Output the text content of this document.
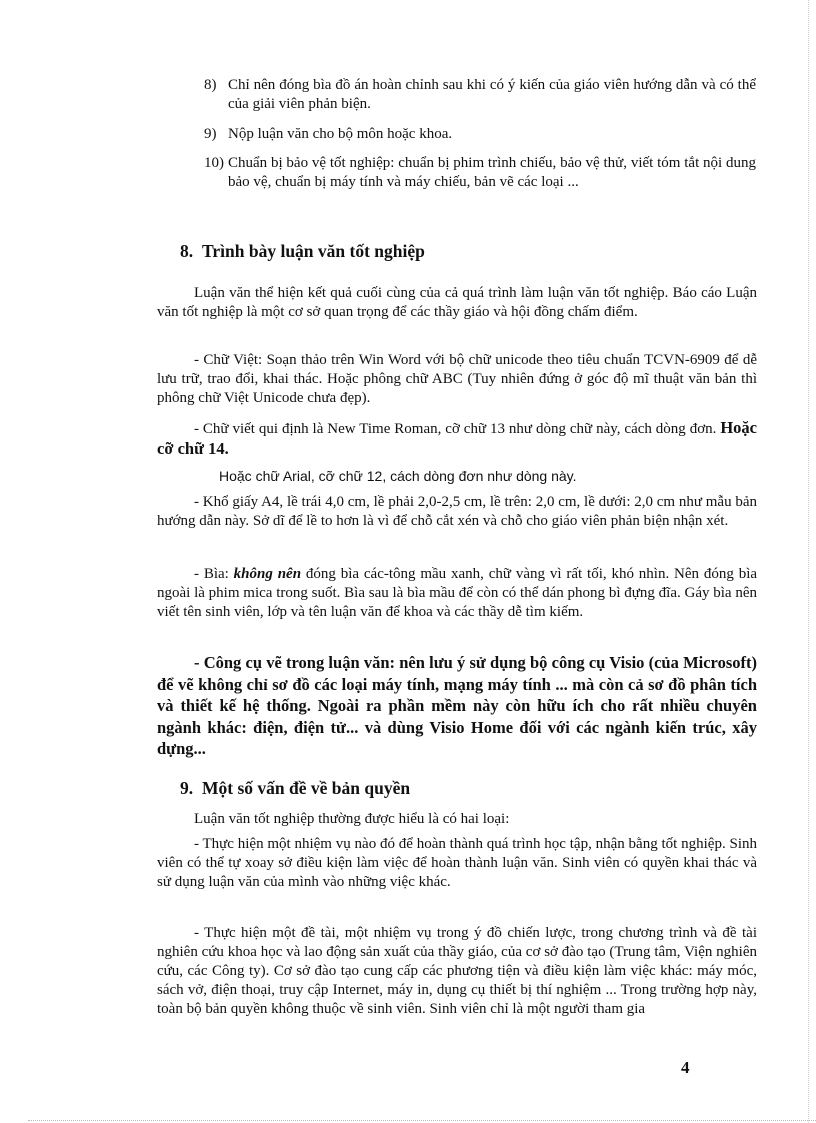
8) Chỉ nên đóng bìa đồ án hoàn chỉnh sau khi có ý kiến của giáo viên hướng dẫn và có thể của giải viên phản biện.
9) Nộp luận văn cho bộ môn hoặc khoa.
10) Chuẩn bị bảo vệ tốt nghiệp: chuẩn bị phim trình chiếu, bảo vệ thử, viết tóm tắt nội dung bảo vệ, chuẩn bị máy tính và máy chiếu, bản vẽ các loại ...
8. Trình bày luận văn tốt nghiệp

Luận văn thể hiện kết quả cuối cùng của cả quá trình làm luận văn tốt nghiệp. Báo cáo Luận văn tốt nghiệp là một cơ sở quan trọng để các thầy giáo và hội đồng chấm điểm.

- Chữ Việt: Soạn thảo trên Win Word với bộ chữ unicode theo tiêu chuẩn TCVN-6909 để dễ lưu trữ, trao đổi, khai thác. Hoặc phông chữ ABC (Tuy nhiên đứng ở góc độ mĩ thuật văn bản thì phông chữ Việt Unicode chưa đẹp).

- Chữ viết qui định là New Time Roman, cỡ chữ 13 như dòng chữ này, cách dòng đơn. Hoặc cỡ chữ 14.

Hoặc chữ Arial, cỡ chữ 12, cách dòng đơn như dòng này.

- Khổ giấy A4, lề trái 4,0 cm, lề phải 2,0-2,5 cm, lề trên: 2,0 cm, lề dưới: 2,0 cm như mẫu bản hướng dẫn này. Sở dĩ để lề to hơn là vì để chỗ cắt xén và chỗ cho giáo viên phản biện nhận xét.

- Bìa: không nên đóng bìa các-tông mầu xanh, chữ vàng vì rất tối, khó nhìn. Nên đóng bìa ngoài là phim mica trong suốt. Bìa sau là bìa mầu để còn có thể dán phong bì đựng đĩa. Gáy bìa nên viết tên sinh viên, lớp và tên luận văn để khoa và các thầy dễ tìm kiếm.

- Công cụ vẽ trong luận văn: nên lưu ý sử dụng bộ công cụ Visio (của Microsoft) để vẽ không chỉ sơ đồ các loại máy tính, mạng máy tính ... mà còn cả sơ đồ phân tích và thiết kế hệ thống. Ngoài ra phần mềm này còn hữu ích cho rất nhiều chuyên ngành khác: điện, điện tử... và dùng Visio Home đối với các ngành kiến trúc, xây dựng...

9. Một số vấn đề về bản quyền

Luận văn tốt nghiệp thường được hiểu là có hai loại:

- Thực hiện một nhiệm vụ nào đó để hoàn thành quá trình học tập, nhận bằng tốt nghiệp. Sinh viên có thể tự xoay sở điều kiện làm việc để hoàn thành luận văn. Sinh viên có quyền khai thác và sử dụng luận văn của mình vào những việc khác.

- Thực hiện một đề tài, một nhiệm vụ trong ý đồ chiến lược, trong chương trình và đề tài nghiên cứu khoa học và lao động sản xuất của thầy giáo, của cơ sở đào tạo (Trung tâm, Viện nghiên cứu, các Công ty). Cơ sở đào tạo cung cấp các phương tiện và điều kiện làm việc khác: máy móc, sách vở, điện thoại, truy cập Internet, máy in, dụng cụ thiết bị thí nghiệm ... Trong trường hợp này, toàn bộ bản quyền không thuộc về sinh viên. Sinh viên chỉ là một người tham gia

4
